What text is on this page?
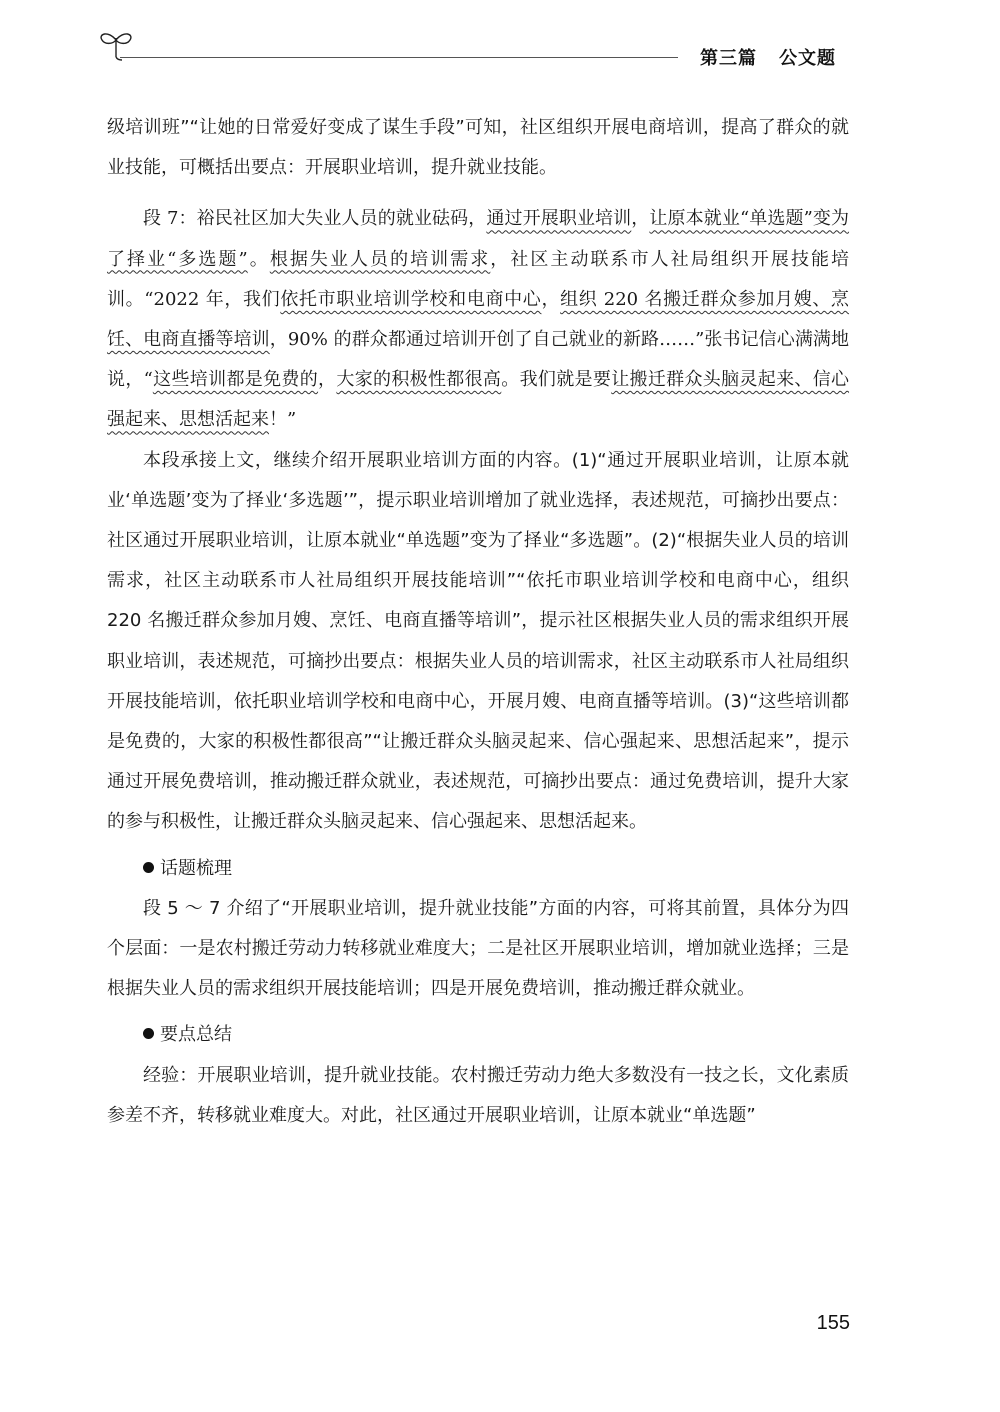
第三篇 公文题

级培训班”“让她的日常爱好变成了谋生手段”可知，社区组织开展电商培训，提高了群众的就业技能，可概括出要点：开展职业培训，提升就业技能。

段 7：裕民社区加大失业人员的就业砝码，通过开展职业培训，让原本就业“单选题”变为了择业“多选题”。根据失业人员的培训需求，社区主动联系市人社局组织开展技能培训。“2022 年，我们依托市职业培训学校和电商中心，组织 220 名搬迁群众参加月嫂、烹饪、电商直播等培训，90% 的群众都通过培训开创了自己就业的新路……”张书记信心满满地说，“这些培训都是免费的，大家的积极性都很高。我们就是要让搬迁群众头脑灵起来、信心强起来、思想活起来！”

本段承接上文，继续介绍开展职业培训方面的内容。(1)“通过开展职业培训，让原本就业‘单选题’变为了择业‘多选题’”，提示职业培训增加了就业选择，表述规范，可摘抄出要点：社区通过开展职业培训，让原本就业“单选题”变为了择业“多选题”。(2)“根据失业人员的培训需求，社区主动联系市人社局组织开展技能培训”“依托市职业培训学校和电商中心，组织 220 名搬迁群众参加月嫂、烹饪、电商直播等培训”，提示社区根据失业人员的需求组织开展职业培训，表述规范，可摘抄出要点：根据失业人员的培训需求，社区主动联系市人社局组织开展技能培训，依托职业培训学校和电商中心，开展月嫂、电商直播等培训。(3)“这些培训都是免费的，大家的积极性都很高”“让搬迁群众头脑灵起来、信心强起来、思想活起来”，提示通过开展免费培训，推动搬迁群众就业，表述规范，可摘抄出要点：通过免费培训，提升大家的参与积极性，让搬迁群众头脑灵起来、信心强起来、思想活起来。

话题梳理

段 5 ～ 7 介绍了“开展职业培训，提升就业技能”方面的内容，可将其前置，具体分为四个层面：一是农村搬迁劳动力转移就业难度大；二是社区开展职业培训，增加就业选择；三是根据失业人员的需求组织开展技能培训；四是开展免费培训，推动搬迁群众就业。

要点总结

经验：开展职业培训，提升就业技能。农村搬迁劳动力绝大多数没有一技之长，文化素质参差不齐，转移就业难度大。对此，社区通过开展职业培训，让原本就业“单选题”

155
